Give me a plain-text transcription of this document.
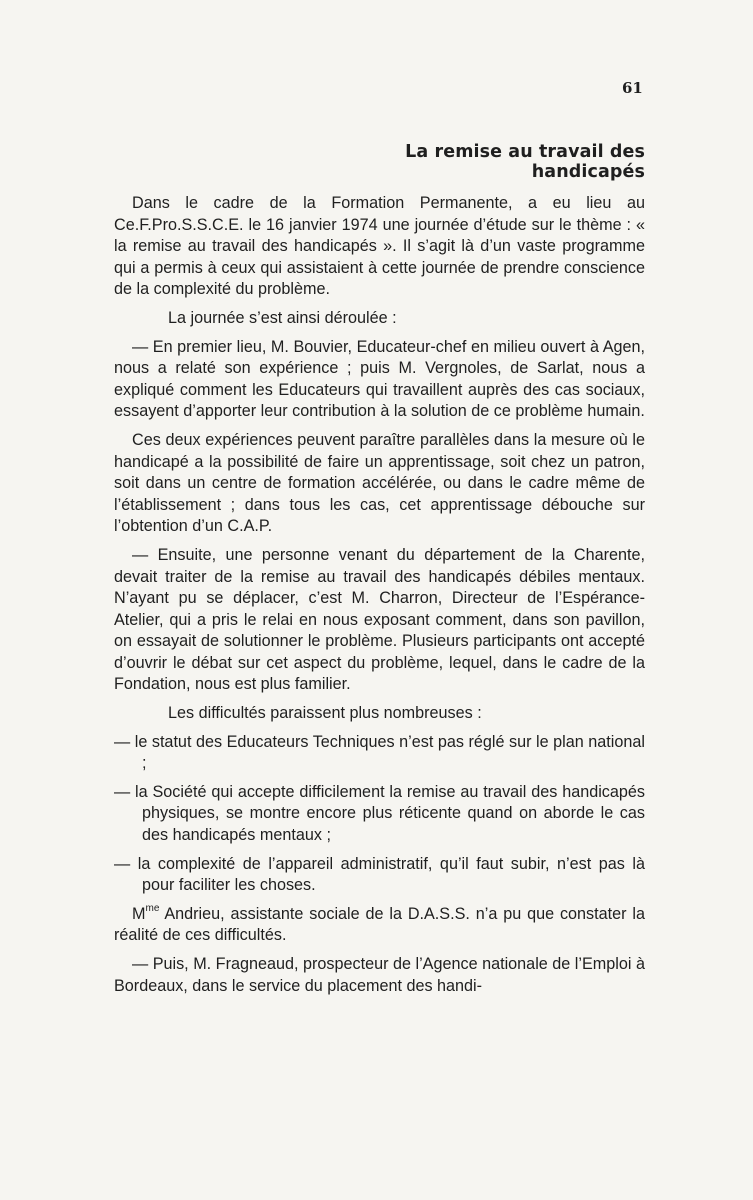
61
La remise au travail des handicapés

Dans le cadre de la Formation Permanente, a eu lieu au Ce.F.Pro.S.S.C.E. le 16 janvier 1974 une journée d’étude sur le thème : « la remise au travail des handicapés ». Il s’agit là d’un vaste programme qui a permis à ceux qui assistaient à cette journée de prendre conscience de la complexité du problème.

La journée s’est ainsi déroulée :

— En premier lieu, M. Bouvier, Educateur-chef en milieu ouvert à Agen, nous a relaté son expérience ; puis M. Vergnoles, de Sarlat, nous a expliqué comment les Educateurs qui travaillent auprès des cas sociaux, essayent d’apporter leur contribution à la solution de ce problème humain.

Ces deux expériences peuvent paraître parallèles dans la mesure où le handicapé a la possibilité de faire un apprentissage, soit chez un patron, soit dans un centre de formation accélérée, ou dans le cadre même de l’établissement ; dans tous les cas, cet apprentissage débouche sur l’obtention d’un C.A.P.

— Ensuite, une personne venant du département de la Charente, devait traiter de la remise au travail des handicapés débiles mentaux. N’ayant pu se déplacer, c’est M. Charron, Directeur de l’Espérance-Atelier, qui a pris le relai en nous exposant comment, dans son pavillon, on essayait de solutionner le problème. Plusieurs participants ont accepté d’ouvrir le débat sur cet aspect du problème, lequel, dans le cadre de la Fondation, nous est plus familier.

Les difficultés paraissent plus nombreuses :

— le statut des Educateurs Techniques n’est pas réglé sur le plan national ;

— la Société qui accepte difficilement la remise au travail des handicapés physiques, se montre encore plus réticente quand on aborde le cas des handicapés mentaux ;

— la complexité de l’appareil administratif, qu’il faut subir, n’est pas là pour faciliter les choses.

$M^{me}$ Andrieu, assistante sociale de la D.A.S.S. n’a pu que constater la réalité de ces difficultés.

— Puis, M. Fragneaud, prospecteur de l’Agence nationale de l’Emploi à Bordeaux, dans le service du placement des handi-
